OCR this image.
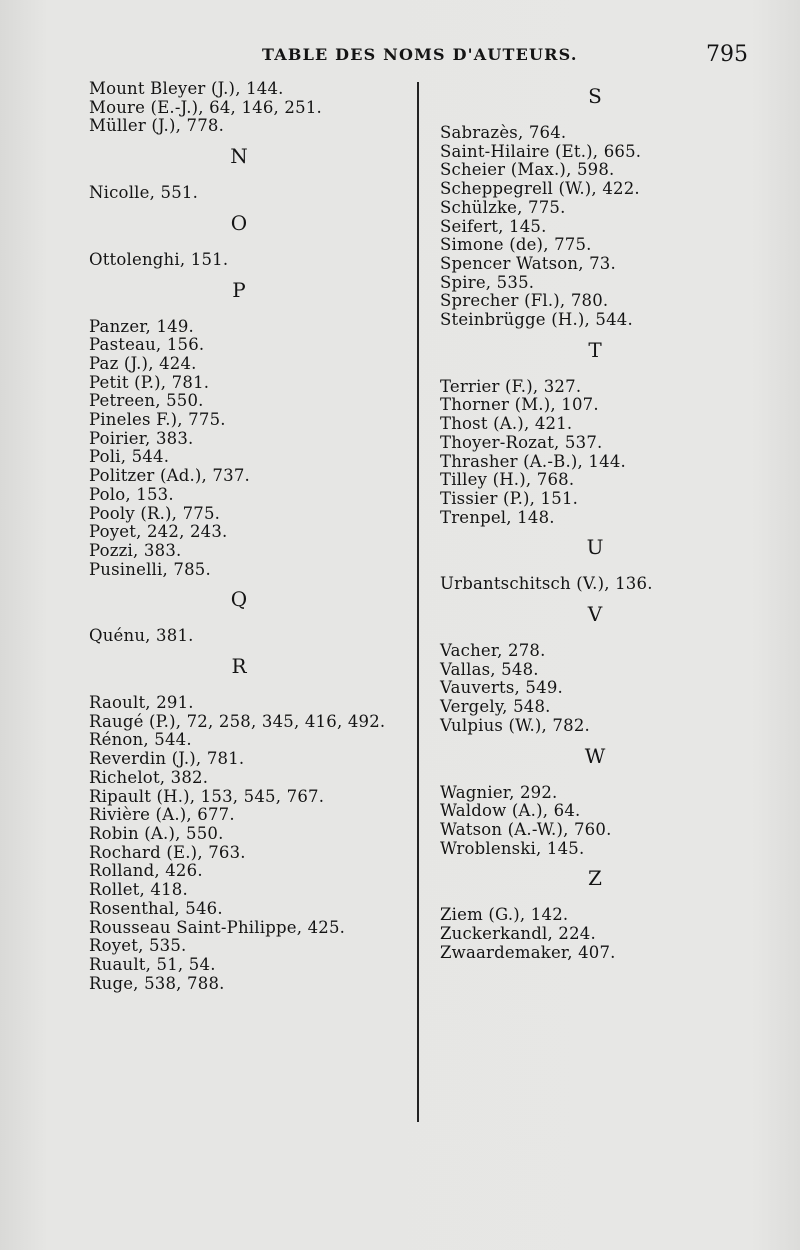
TABLE DES NOMS D'AUTEURS.	795
Mount Bleyer (J.), 144.
Moure (E.-J.), 64, 146, 251.
Müller (J.), 778.
N
Nicolle, 551.
O
Ottolenghi, 151.
P
Panzer, 149.
Pasteau, 156.
Paz (J.), 424.
Petit (P.), 781.
Petreen, 550.
Pineles F.), 775.
Poirier, 383.
Poli, 544.
Politzer (Ad.), 737.
Polo, 153.
Pooly (R.), 775.
Poyet, 242, 243.
Pozzi, 383.
Pusinelli, 785.
Q
Quénu, 381.
R
Raoult, 291.
Raugé (P.), 72, 258, 345, 416, 492.
Rénon, 544.
Reverdin (J.), 781.
Richelot, 382.
Ripault (H.), 153, 545, 767.
Rivière (A.), 677.
Robin (A.), 550.
Rochard (E.), 763.
Rolland, 426.
Rollet, 418.
Rosenthal, 546.
Rousseau Saint-Philippe, 425.
Royet, 535.
Ruault, 51, 54.
Ruge, 538, 788.
S
Sabrazès, 764.
Saint-Hilaire (Et.), 665.
Scheier (Max.), 598.
Scheppegrell (W.), 422.
Schülzke, 775.
Seifert, 145.
Simone (de), 775.
Spencer Watson, 73.
Spire, 535.
Sprecher (Fl.), 780.
Steinbrügge (H.), 544.
T
Terrier (F.), 327.
Thorner (M.), 107.
Thost (A.), 421.
Thoyer-Rozat, 537.
Thrasher (A.-B.), 144.
Tilley (H.), 768.
Tissier (P.), 151.
Trenpel, 148.
U
Urbantschitsch (V.), 136.
V
Vacher, 278.
Vallas, 548.
Vauverts, 549.
Vergely, 548.
Vulpius (W.), 782.
W
Wagnier, 292.
Waldow (A.), 64.
Watson (A.-W.), 760.
Wroblenski, 145.
Z
Ziem (G.), 142.
Zuckerkandl, 224.
Zwaardemaker, 407.
